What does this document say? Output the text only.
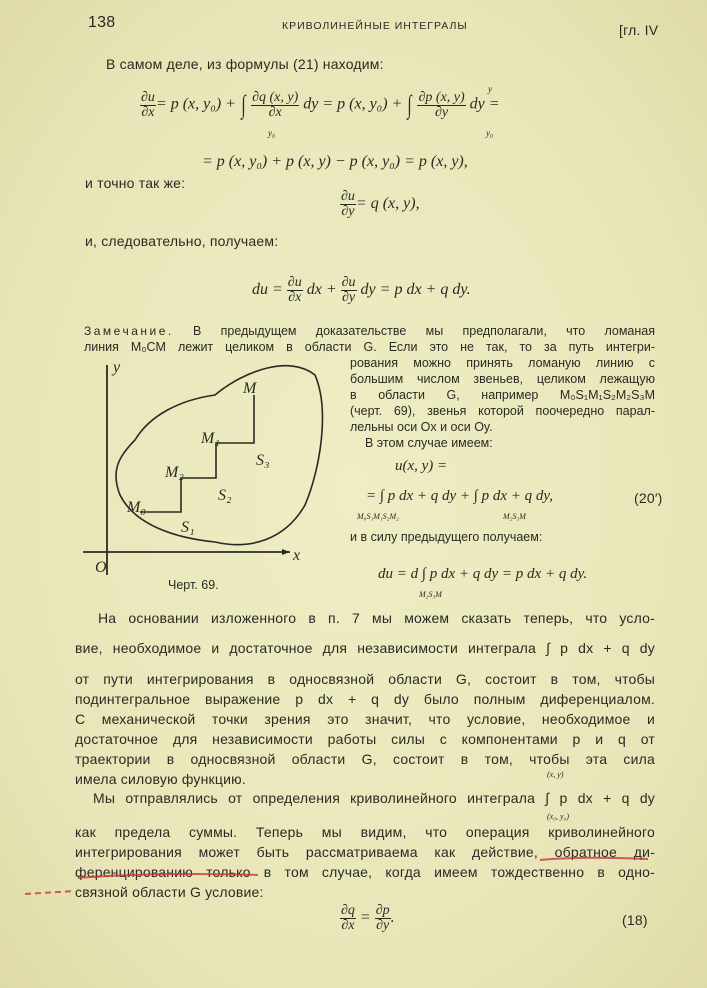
138	КРИВОЛИНЕЙНЫЕ ИНТЕГРАЛЫ	[гл. IV
В самом деле, из формулы (21) находим:
$\frac{\partial u}{\partial x} = p$ (x, y₀) + ∫
y₀

$\frac{\partial q (x, y)}{\partial x}$ dy = p (x, y₀) + ∫
y
y₀

$\frac{\partial p (x, y)}{\partial y}$ dy =
= p (x, y₀) + p (x, y) − p (x, y₀) = p (x, y),
и точно так же:
$\frac{\partial u}{\partial y} = q$ (x, y),
и, следовательно, получаем:
du = $\frac{\partial u}{\partial x}$ dx + $\frac{\partial u}{\partial y}$ dy = p dx + q dy.
Замечание. В предыдущем доказательстве мы предполагали, что ломаная
линия M₀CM лежит целиком в области G. Если это не так, то за путь интегри-
рования можно принять ломаную линию с
большим числом звеньев, целиком лежащую
в области G, например M₀S₁M₁S₂M₂S₃M
(черт. 69), звенья которой поочередно парал-
лельны оси Ox и оси Oy.
В этом случае имеем:
u(x, y) =
= ∫ p dx + q dy + ∫ p dx + q dy,
M₀S₁M₁S₂M₂	M₂S₃M
(20′)
и в силу предыдущего получаем:
du = d ∫ p dx + q dy = p dx + q dy.
M₂S₃M
y
x
O
M
M₁
M₂
M₀
S₁
S₂
S₃
Черт. 69.
На основании изложенного в п. 7 мы можем сказать теперь, что усло-
вие, необходимое и достаточное для независимости интеграла ∫ p dx + q dy
от пути интегрирования в односвязной области G, состоит в том, чтобы
подинтегральное выражение p dx + q dy было полным диференциалом.
С механической точки зрения это значит, что условие, необходимое и
достаточное для независимости работы силы с компонентами p и q от
траектории в односвязной области G, состоит в том, чтобы эта сила
имела силовую функцию.	(x, y)
Мы отправлялись от определения криволинейного интеграла ∫ p dx + q dy
(x₀, y₀)
как предела суммы. Теперь мы видим, что операция криволинейного
интегрирования может быть рассматриваема как действие, обратное ди-
ференцированию только в том случае, когда имеем тождественно в одно-
связной области G условие:
$\frac{\partial q}{\partial x} = \frac{\partial p}{\partial y}$ .	(18)
